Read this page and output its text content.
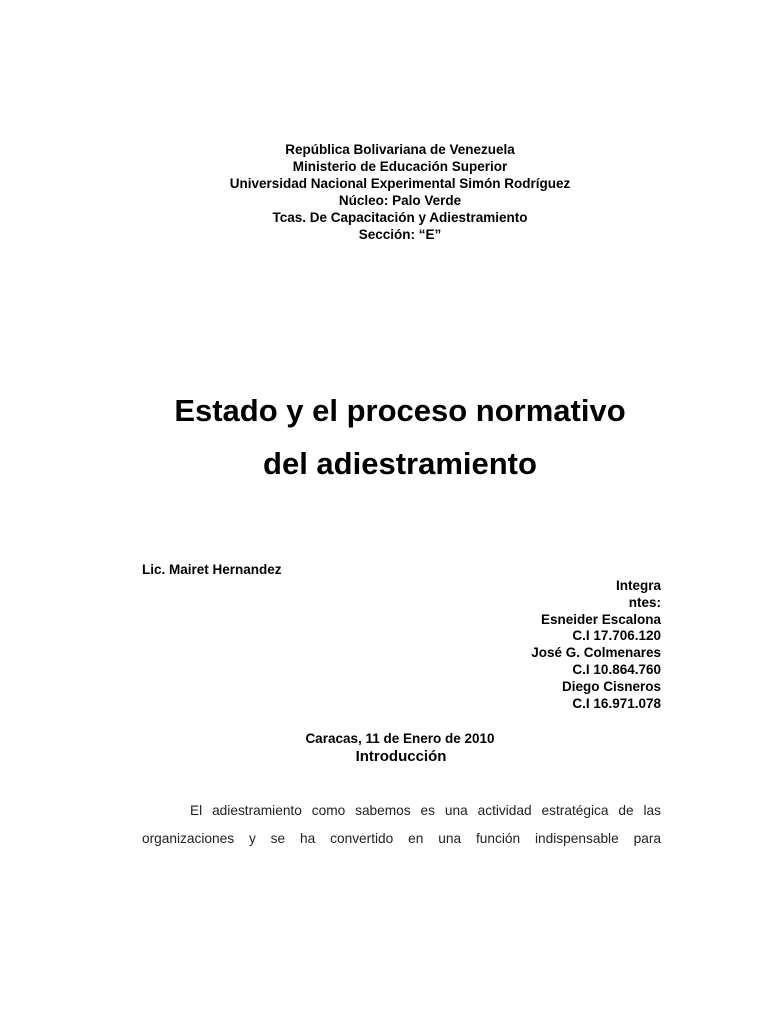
República Bolivariana de Venezuela
Ministerio de Educación Superior
Universidad Nacional Experimental Simón Rodríguez
Núcleo: Palo Verde
Tcas. De Capacitación y Adiestramiento
Sección: “E”
Estado y el proceso normativo
del adiestramiento
Lic. Mairet Hernandez
Integra
ntes:
Esneider Escalona
C.I 17.706.120
José G. Colmenares
C.I 10.864.760
Diego Cisneros
C.I 16.971.078
Caracas, 11 de Enero de 2010
Introducción
El adiestramiento como sabemos es una actividad estratégica de las
organizaciones y se ha convertido en una función indispensable para
